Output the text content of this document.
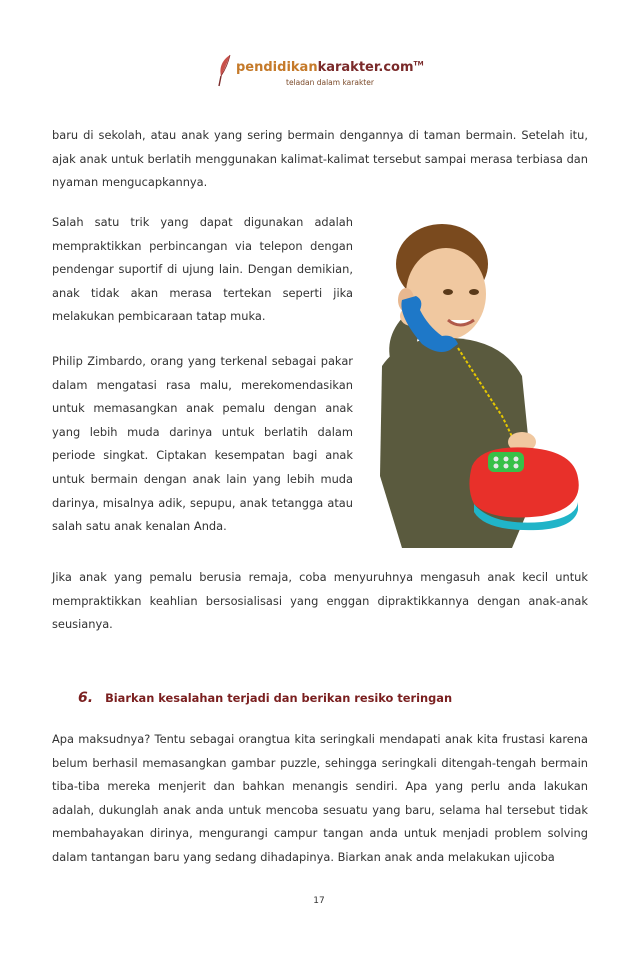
pendidikankarakter.com™
teladan dalam karakter

baru di sekolah, atau anak yang sering bermain dengannya di taman bermain. Setelah itu, ajak anak untuk berlatih menggunakan kalimat-kalimat tersebut sampai merasa terbiasa dan nyaman mengucapkannya.

Salah satu trik yang dapat digunakan adalah mempraktikkan perbincangan via telepon dengan pendengar suportif di ujung lain. Dengan demikian, anak tidak akan merasa tertekan seperti jika melakukan pembicaraan tatap muka.

Philip Zimbardo, orang yang terkenal sebagai pakar dalam mengatasi rasa malu, merekomendasikan untuk memasangkan anak pemalu dengan anak yang lebih muda darinya untuk berlatih dalam periode singkat. Ciptakan kesempatan bagi anak untuk bermain dengan anak lain yang lebih muda darinya, misalnya adik, sepupu, anak tetangga atau salah satu anak kenalan Anda.

Jika anak yang pemalu berusia remaja, coba menyuruhnya mengasuh anak kecil untuk mempraktikkan keahlian bersosialisasi yang enggan dipraktikkannya dengan anak-anak seusianya.

6. Biarkan kesalahan terjadi dan berikan resiko teringan

Apa maksudnya? Tentu sebagai orangtua kita seringkali mendapati anak kita frustasi karena belum berhasil memasangkan gambar puzzle, sehingga seringkali ditengah-tengah bermain tiba-tiba mereka menjerit dan bahkan menangis sendiri. Apa yang perlu anda lakukan adalah, dukunglah anak anda untuk mencoba sesuatu yang baru, selama hal tersebut tidak membahayakan dirinya, mengurangi campur tangan anda untuk menjadi problem solving dalam tantangan baru yang sedang dihadapinya. Biarkan anak anda melakukan ujicoba

17
